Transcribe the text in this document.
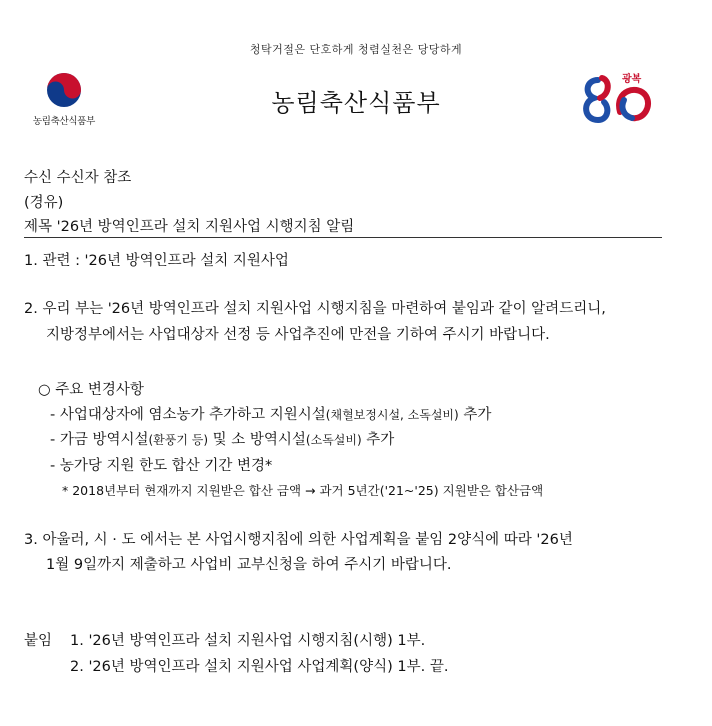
청탁거절은 단호하게 청렴실천은 당당하게
농림축산식품부
농림축산식품부
광복
수신 수신자 참조
(경유)
제목 '26년 방역인프라 설치 지원사업 시행지침 알림
1. 관련 : '26년 방역인프라 설치 지원사업
2. 우리 부는 '26년 방역인프라 설치 지원사업 시행지침을 마련하여 붙임과 같이 알려드리니,
지방정부에서는 사업대상자 선정 등 사업추진에 만전을 기하여 주시기 바랍니다.
○ 주요 변경사항
- 사업대상자에 염소농가 추가하고 지원시설(채혈보정시설, 소독설비) 추가
- 가금 방역시설(환풍기 등) 및 소 방역시설(소독설비) 추가
- 농가당 지원 한도 합산 기간 변경*
* 2018년부터 현재까지 지원받은 합산 금액 → 과거 5년간('21~'25) 지원받은 합산금액
3. 아울러, 시 · 도 에서는 본 사업시행지침에 의한 사업계획을 붙임 2양식에 따라 '26년
1월 9일까지 제출하고 사업비 교부신청을 하여 주시기 바랍니다.
붙임 1. '26년 방역인프라 설치 지원사업 시행지침(시행) 1부.
2. '26년 방역인프라 설치 지원사업 사업계획(양식) 1부. 끝.
